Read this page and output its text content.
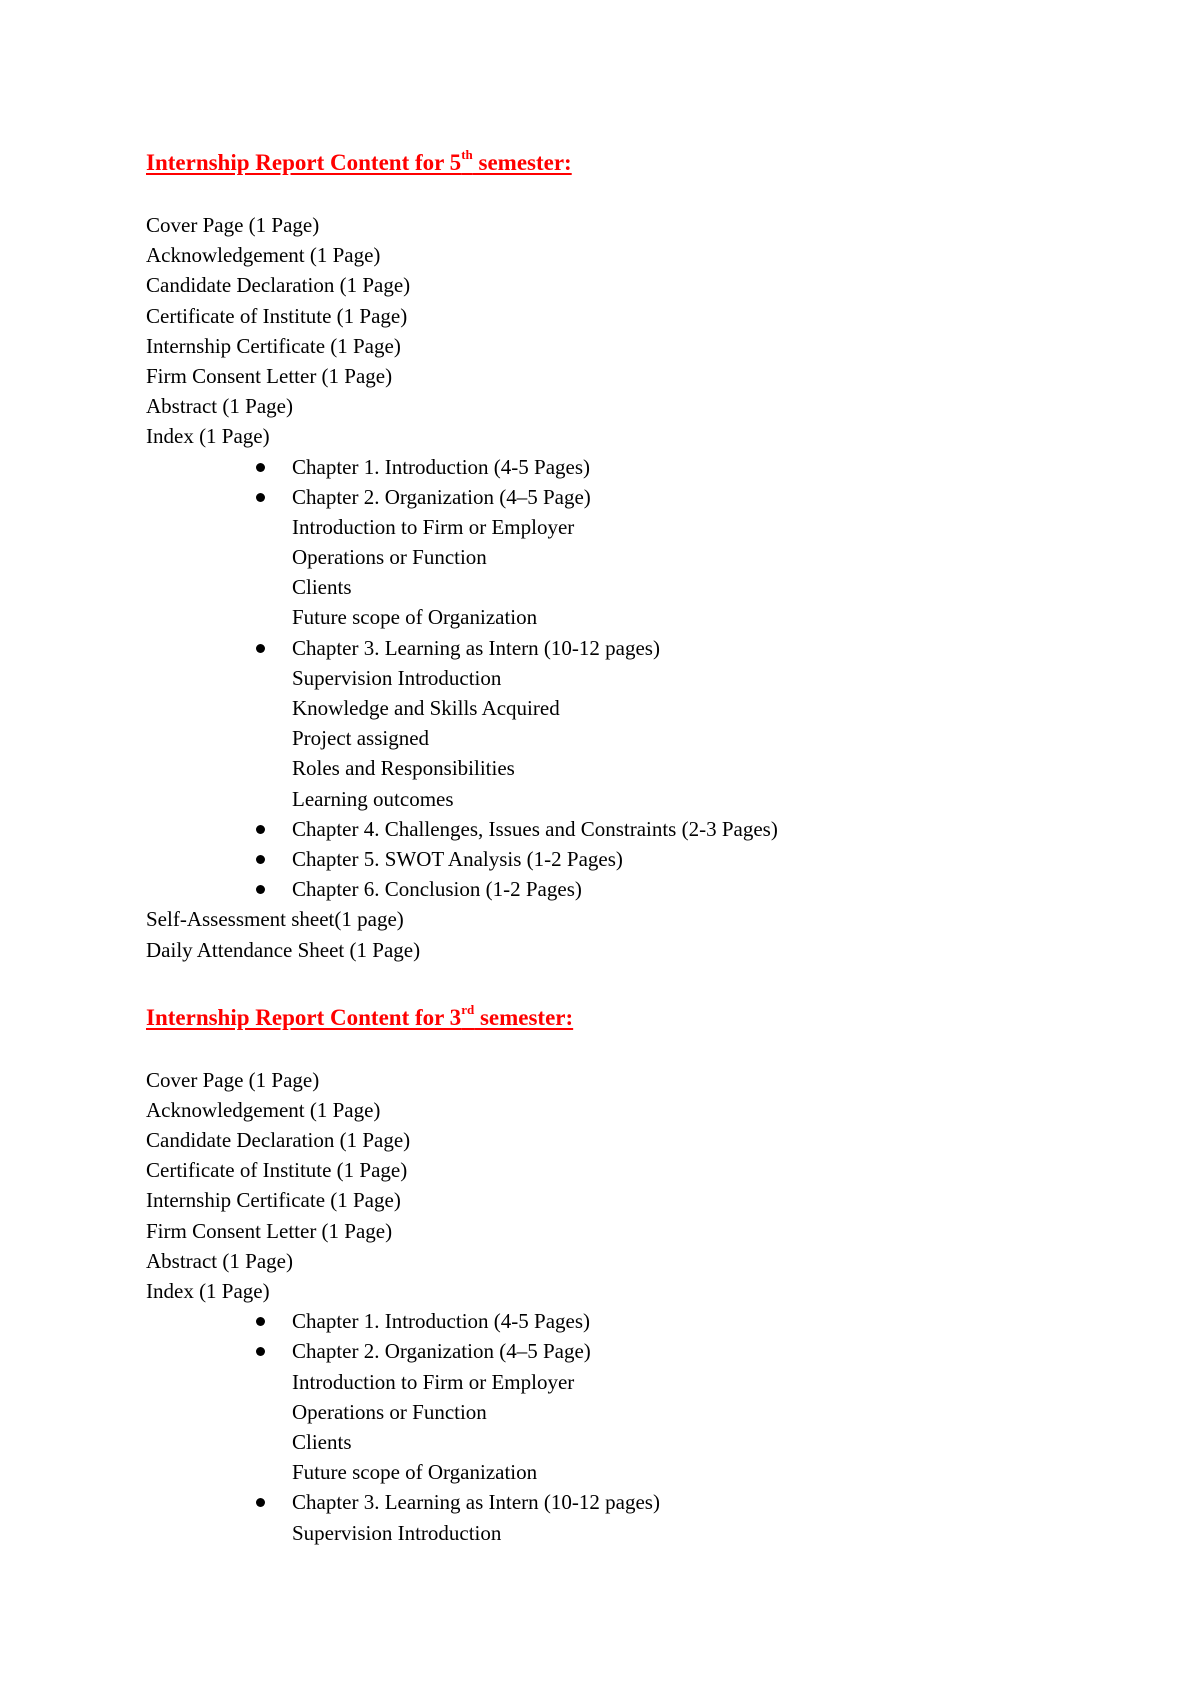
Internship Report Content for 5th semester:
Cover Page (1 Page)
Acknowledgement (1 Page)
Candidate Declaration (1 Page)
Certificate of Institute (1 Page)
Internship Certificate (1 Page)
Firm Consent Letter (1 Page)
Abstract (1 Page)
Index (1 Page)
Chapter 1. Introduction (4-5 Pages)
Chapter 2. Organization (4–5 Page)
Introduction to Firm or Employer
Operations or Function
Clients
Future scope of Organization
Chapter 3. Learning as Intern (10-12 pages)
Supervision Introduction
Knowledge and Skills Acquired
Project assigned
Roles and Responsibilities
Learning outcomes
Chapter 4. Challenges, Issues and Constraints (2-3 Pages)
Chapter 5. SWOT Analysis (1-2 Pages)
Chapter 6. Conclusion (1-2 Pages)
Self-Assessment sheet(1 page)
Daily Attendance Sheet (1 Page)
Internship Report Content for 3rd semester:
Cover Page (1 Page)
Acknowledgement (1 Page)
Candidate Declaration (1 Page)
Certificate of Institute (1 Page)
Internship Certificate (1 Page)
Firm Consent Letter (1 Page)
Abstract (1 Page)
Index (1 Page)
Chapter 1. Introduction (4-5 Pages)
Chapter 2. Organization (4–5 Page)
Introduction to Firm or Employer
Operations or Function
Clients
Future scope of Organization
Chapter 3. Learning as Intern (10-12 pages)
Supervision Introduction
